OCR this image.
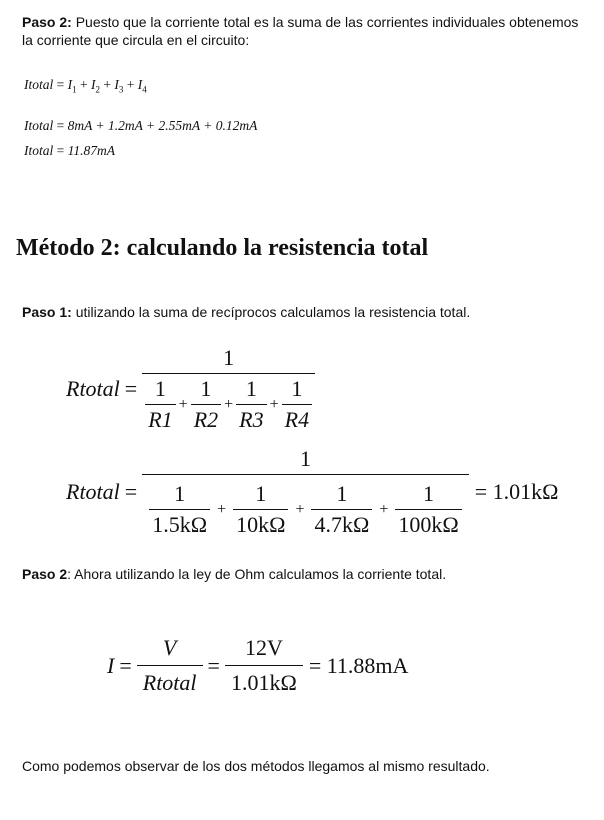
Paso 2: Puesto que la corriente total es la suma de las corrientes individuales obtenemos la corriente que circula en el circuito:
Itotal = $I_1 + I_2 + I_3 + I_4$
Itotal = 8mA + 1.2mA + 2.55mA + 0.12mA
Itotal = 11.87mA
Método 2: calculando la resistencia total
Paso 1: utilizando la suma de recíprocos calculamos la resistencia total.
Rtotal = $\frac{1}{\frac{1}{R1} + \frac{1}{R2} + \frac{1}{R3} + \frac{1}{R4}}$
Rtotal =
1
$\frac{1}{1.5k\Omega} + \frac{1}{10k\Omega} + \frac{1}{4.7k\Omega} + \frac{1}{100k\Omega} = 1.01k\Omega$
Paso 2: Ahora utilizando la ley de Ohm calculamos la corriente total.
$I = \frac{V}{\text{Rtotal}} = \frac{12V}{1.01k\Omega} = 11.88mA$
Como podemos observar de los dos métodos llegamos al mismo resultado.
